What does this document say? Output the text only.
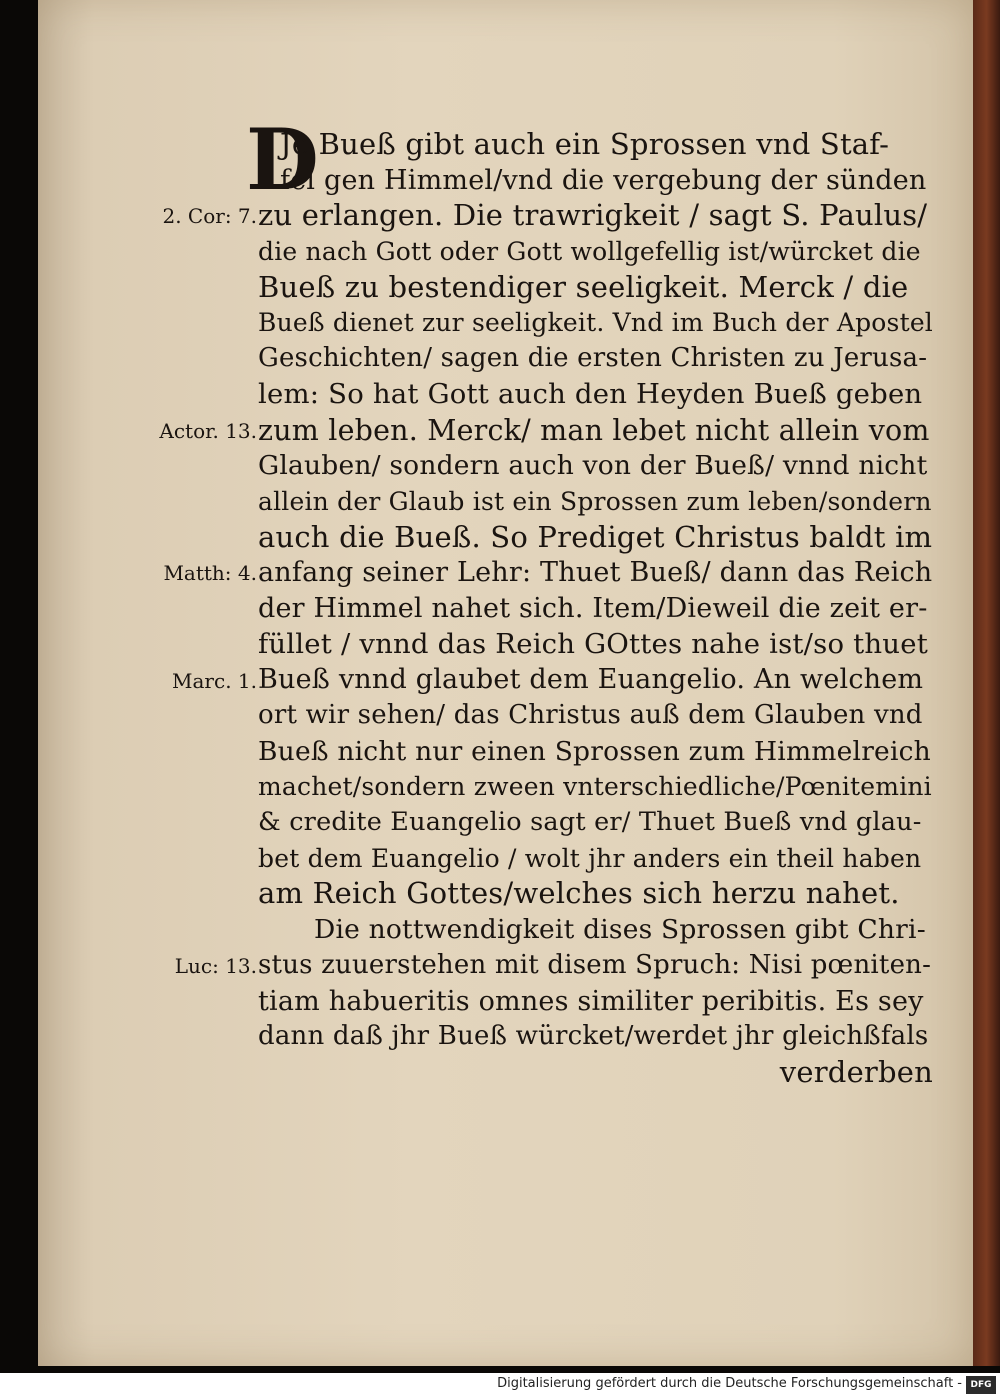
D
Je Bueß gibt auch ein Sprossen vnd Staf-
fel gen Himmel/vnd die vergebung der sünden
zu erlangen. Die trawrigkeit / sagt S. Paulus/
die nach Gott oder Gott wollgefellig ist/würcket die
Bueß zu bestendiger seeligkeit. Merck / die
Bueß dienet zur seeligkeit. Vnd im Buch der Apostel
Geschichten/ sagen die ersten Christen zu Jerusa-
lem: So hat Gott auch den Heyden Bueß geben
zum leben. Merck/ man lebet nicht allein vom
Glauben/ sondern auch von der Bueß/ vnnd nicht
allein der Glaub ist ein Sprossen zum leben/sondern
auch die Bueß. So Prediget Christus baldt im
anfang seiner Lehr: Thuet Bueß/ dann das Reich
der Himmel nahet sich. Item/Dieweil die zeit er-
füllet / vnnd das Reich GOttes nahe ist/so thuet
Bueß vnnd glaubet dem Euangelio. An welchem
ort wir sehen/ das Christus auß dem Glauben vnd
Bueß nicht nur einen Sprossen zum Himmelreich
machet/sondern zween vnterschiedliche/Pœnitemini
& credite Euangelio sagt er/ Thuet Bueß vnd glau-
bet dem Euangelio / wolt jhr anders ein theil haben
am Reich Gottes/welches sich herzu nahet.
Die nottwendigkeit dises Sprossen gibt Chri-
stus zuuerstehen mit disem Spruch: Nisi pœniten-
tiam habueritis omnes similiter peribitis. Es sey
dann daß jhr Bueß würcket/werdet jhr gleichßfals
verderben
2. Cor: 7.
Actor. 13.
Matth: 4.
Marc. 1.
Luc: 13.
Digitalisierung gefördert durch die Deutsche Forschungsgemeinschaft - DFG
